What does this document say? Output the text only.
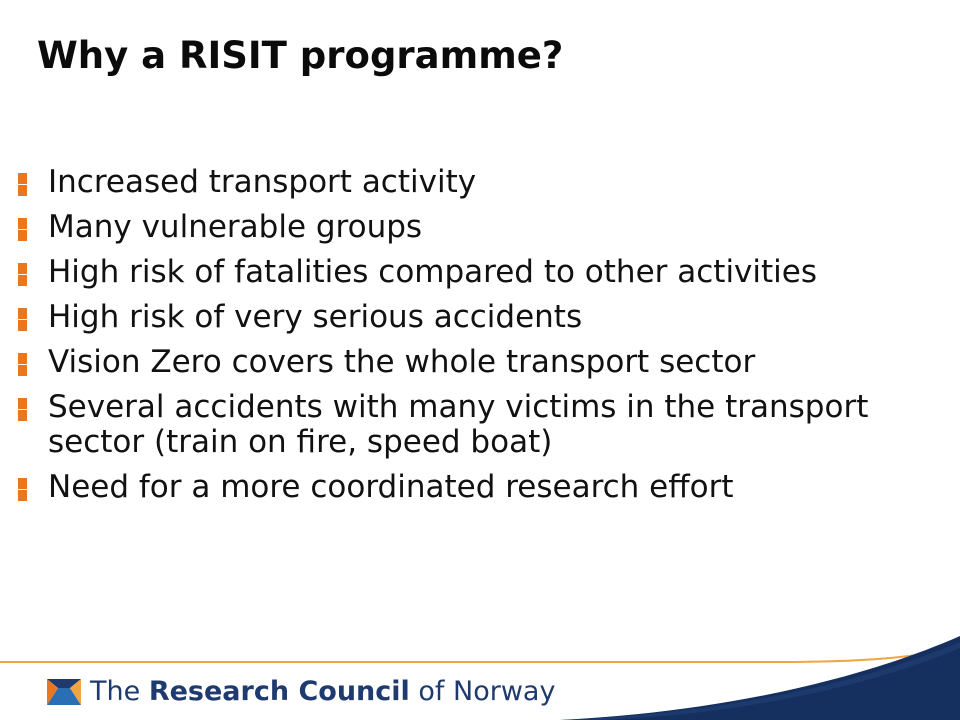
Why a RISIT programme?
Increased transport activity
Many vulnerable groups
High risk of fatalities compared to other activities
High risk of very serious accidents
Vision Zero covers the whole transport sector
Several accidents with many victims in the transport sector (train on fire, speed boat)
Need for a more coordinated research effort
The Research Council of Norway
